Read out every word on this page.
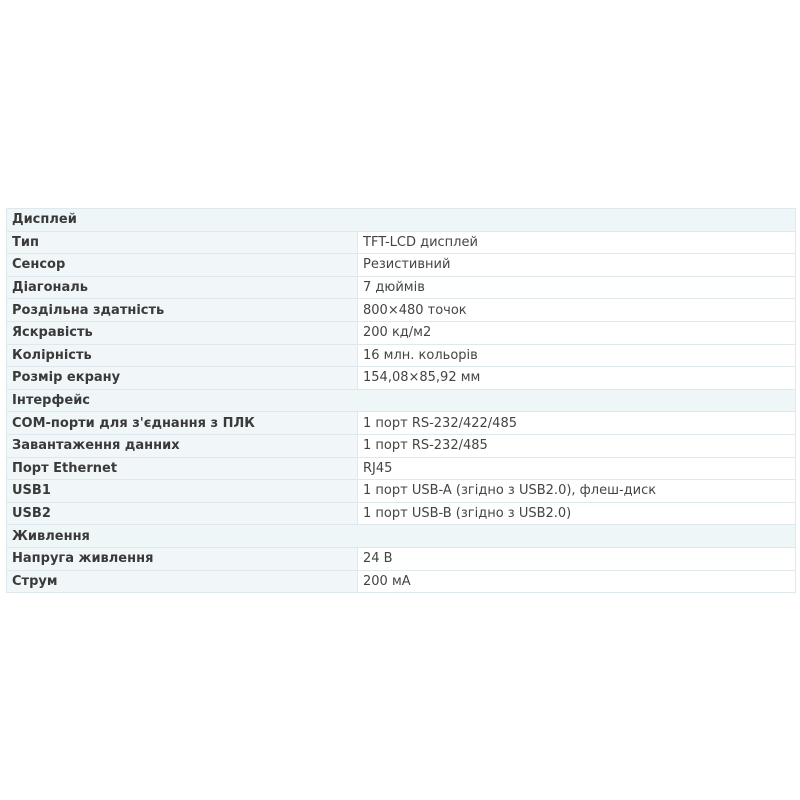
Дисплей	
Тип	TFT-LCD дисплей
Сенсор	Резистивний
Діагональ	7 дюймів
Роздільна здатність	800×480 точок
Яскравість	200 кд/м2
Колірність	16 млн. кольорів
Розмір екрану	154,08×85,92 мм
Інтерфейс	
COM-порти для з'єднання з ПЛК	1 порт RS-232/422/485
Завантаження данних	1 порт RS-232/485
Порт Ethernet	RJ45
USB1	1 порт USB-A (згідно з USB2.0), флеш-диск
USB2	1 порт USB-B (згідно з USB2.0)
Живлення	
Напруга живлення	24 В
Струм	200 мА
